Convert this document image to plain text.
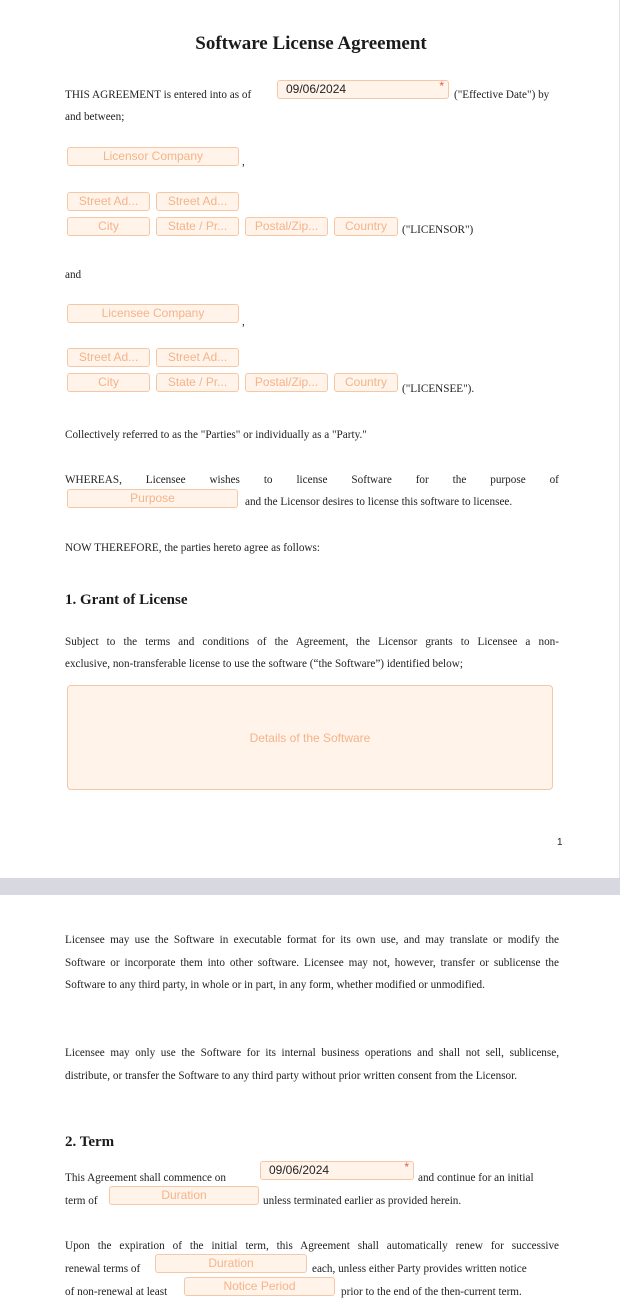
Software License Agreement
THIS AGREEMENT is entered into as of	09/06/2024	*
("Effective Date") by
and between;
Licensor Company	,
Street Ad...	Street Ad...
City	State / Pr...	Postal/Zip...	Country	("LICENSOR")
and
Licensee Company
,
Street Ad...	Street Ad...
City	State / Pr...	Postal/Zip...	Country	("LICENSEE").
Collectively referred to as the "Parties" or individually as a "Party."
WHEREAS, Licensee wishes to license Software for the purpose of
Purpose	and the Licensor desires to license this software to licensee.
NOW THEREFORE, the parties hereto agree as follows:
1. Grant of License
Subject to the terms and conditions of the Agreement, the Licensor grants to Licensee a non-
exclusive, non-transferable license to use the software (“the Software”) identified below;
Details of the Software
1
Licensee may use the Software in executable format for its own use, and may translate or modify the Software or incorporate them into other software. Licensee may not, however, transfer or sublicense the Software to any third party, in whole or in part, in any form, whether modified or unmodified.
Licensee may only use the Software for its internal business operations and shall not sell, sublicense, distribute, or transfer the Software to any third party without prior written consent from the Licensor.
2. Term
This Agreement shall commence on
09/06/2024	*
and continue for an initial
term of	Duration	unless terminated earlier as provided herein.
Upon the expiration of the initial term, this Agreement shall automatically renew for successive
renewal terms of	Duration	each, unless either Party provides written notice
of non-renewal at least	Notice Period	prior to the end of the then-current term.
